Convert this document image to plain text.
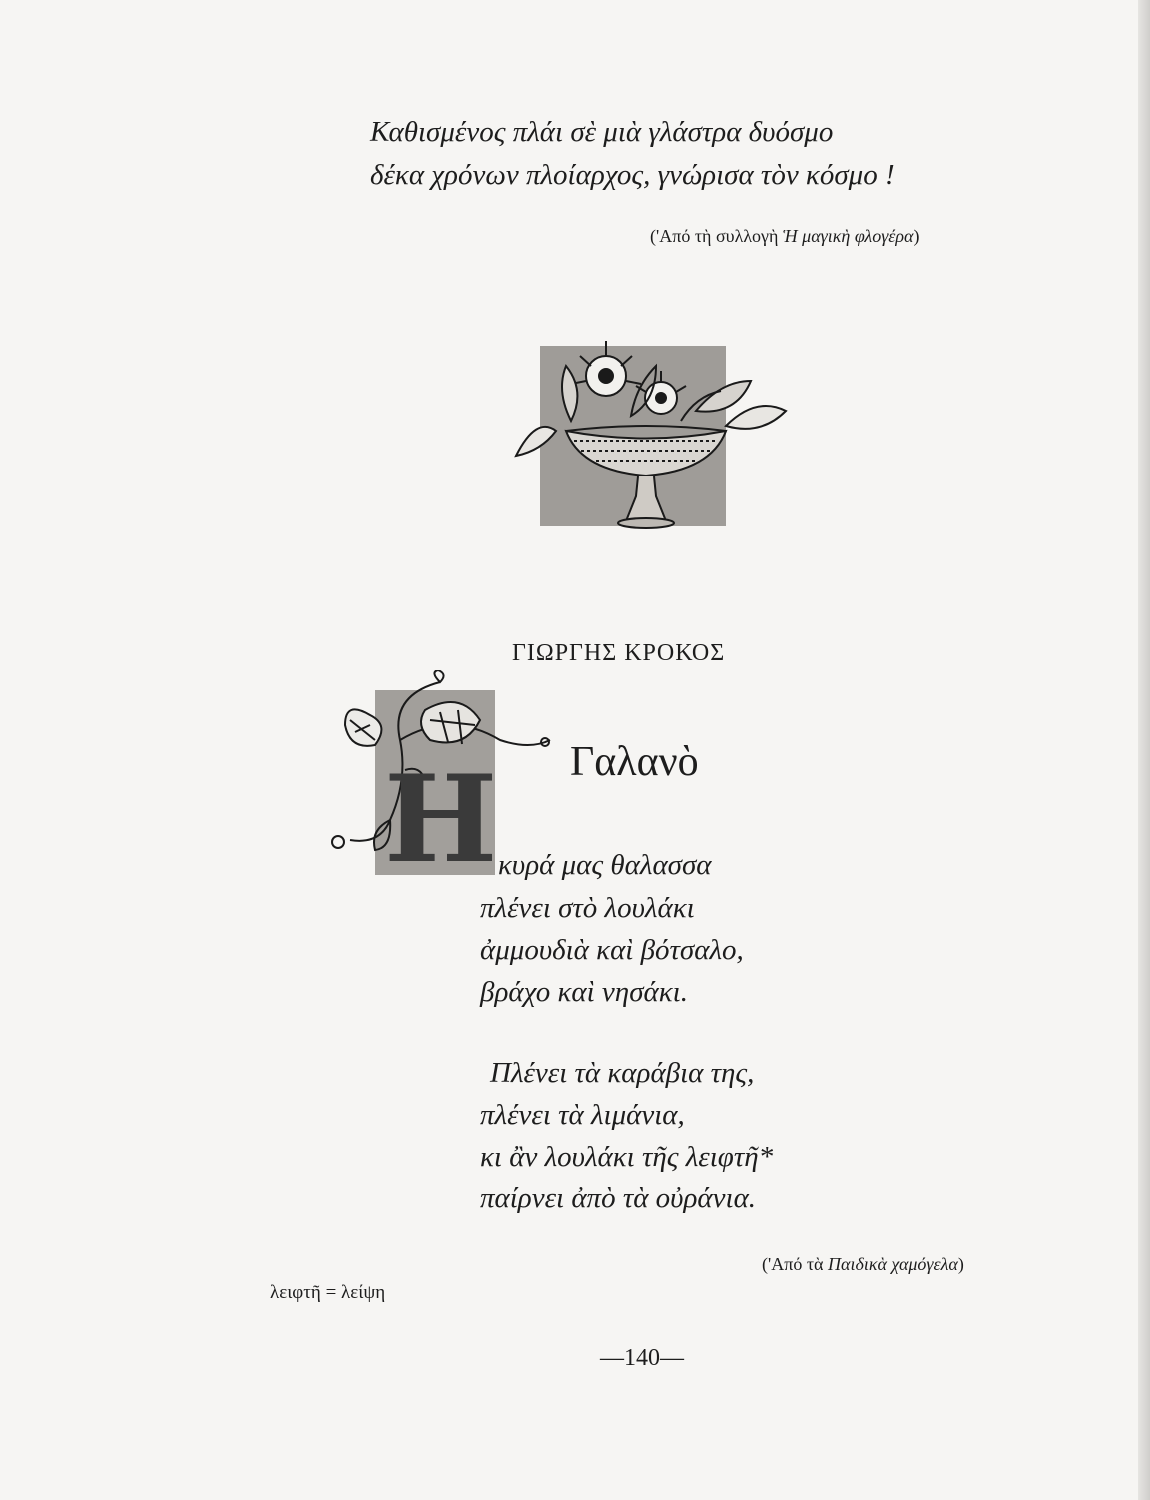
Καθισμένος πλάι σὲ μιὰ γλάστρα δυόσμο
δέκα χρόνων πλοίαρχος, γνώρισα τὸν κόσμο !
('Από τὴ συλλογὴ Ἡ μαγικὴ φλογέρα)
ΓΙΩΡΓΗΣ ΚΡΟΚΟΣ
Η Γαλανὸ
κυρά μας θαλασσα
πλένει στὸ λουλάκι
ἀμμουδιὰ καὶ βότσαλο,
βράχο καὶ νησάκι.
Πλένει τὰ καράβια της,
πλένει τὰ λιμάνια,
κι ἂν λουλάκι τῆς λειφτῆ*
παίρνει ἀπὸ τὰ οὐράνια.
('Από τὰ Παιδικὰ χαμόγελα)
λειφτῆ = λείψη
—140—
